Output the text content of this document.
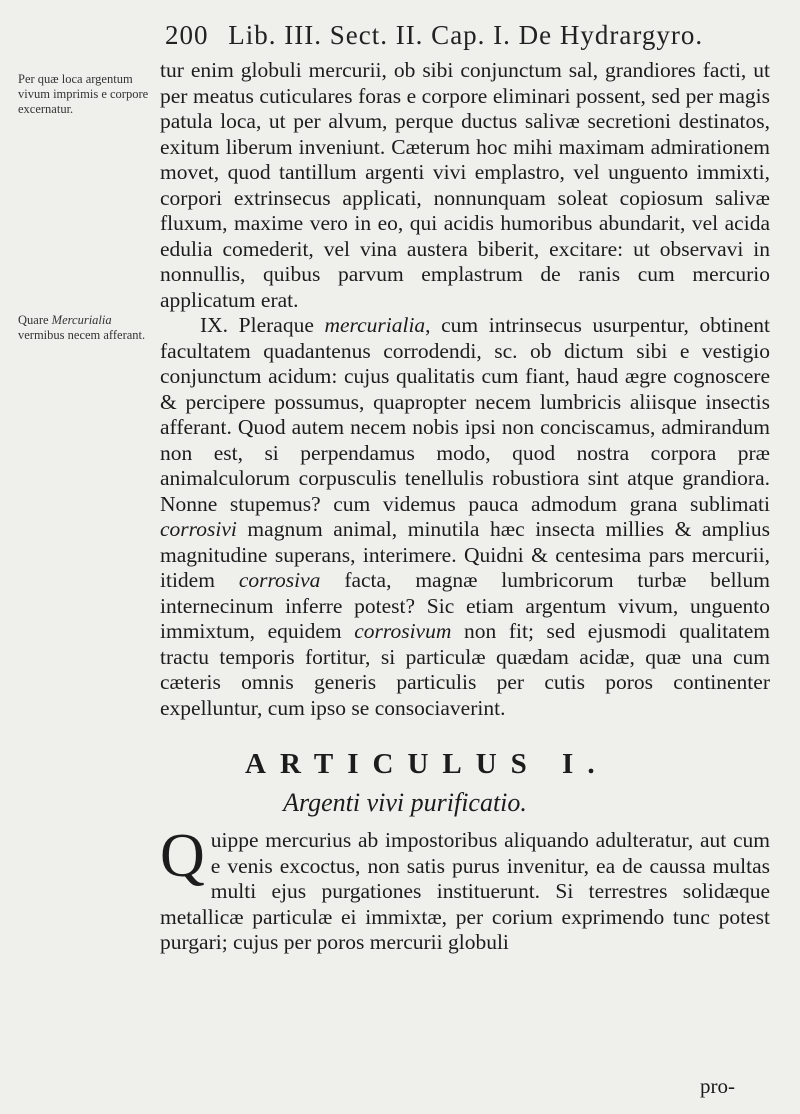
200 Lib. III. Sect. II. Cap. I. De Hydrargyro.
Per quæ loca argentum vivum imprimis e corpore excernatur.
Quare Mercurialia vermibus necem afferant.

tur enim globuli mercurii, ob sibi conjunctum sal, grandiores facti, ut per meatus cuticulares foras e corpore eliminari possent, sed per magis patula loca, ut per alvum, perque ductus salivæ secretioni destinatos, exitum liberum inveniunt. Cæterum hoc mihi maximam admirationem movet, quod tantillum argenti vivi emplastro, vel unguento immixti, corpori extrinsecus applicati, nonnunquam soleat copiosum salivæ fluxum, maxime vero in eo, qui acidis humoribus abundarit, vel acida edulia comederit, vel vina austera biberit, excitare: ut observavi in nonnullis, quibus parvum emplastrum de ranis cum mercurio applicatum erat.

IX. Pleraque mercurialia, cum intrinsecus usurpentur, obtinent facultatem quadantenus corrodendi, sc. ob dictum sibi e vestigio conjunctum acidum: cujus qualitatis cum fiant, haud ægre cognoscere & percipere possumus, quapropter necem lumbricis aliisque insectis afferant. Quod autem necem nobis ipsi non conciscamus, admirandum non est, si perpendamus modo, quod nostra corpora præ animalculorum corpusculis tenellulis robustiora sint atque grandiora. Nonne stupemus? cum videmus pauca admodum grana sublimati corrosivi magnum animal, minutila hæc insecta millies & amplius magnitudine superans, interimere. Quidni & centesima pars mercurii, itidem corrosiva facta, magnæ lumbricorum turbæ bellum internecinum inferre potest? Sic etiam argentum vivum, unguento immixtum, equidem corrosivum non fit; sed ejusmodi qualitatem tractu temporis fortitur, si particulæ quædam acidæ, quæ una cum cæteris omnis generis particulis per cutis poros continenter expelluntur, cum ipso se consociaverint.

ARTICULUS I.
Argenti vivi purificatio.
Quippe mercurius ab impostoribus aliquando adulteratur, aut cum e venis excoctus, non satis purus invenitur, ea de caussa multas multi ejus purgationes instituerunt. Si terrestres solidæque metallicæ particulæ ei immixtæ, per corium exprimendo tunc potest purgari; cujus per poros mercurii globuli
pro-
